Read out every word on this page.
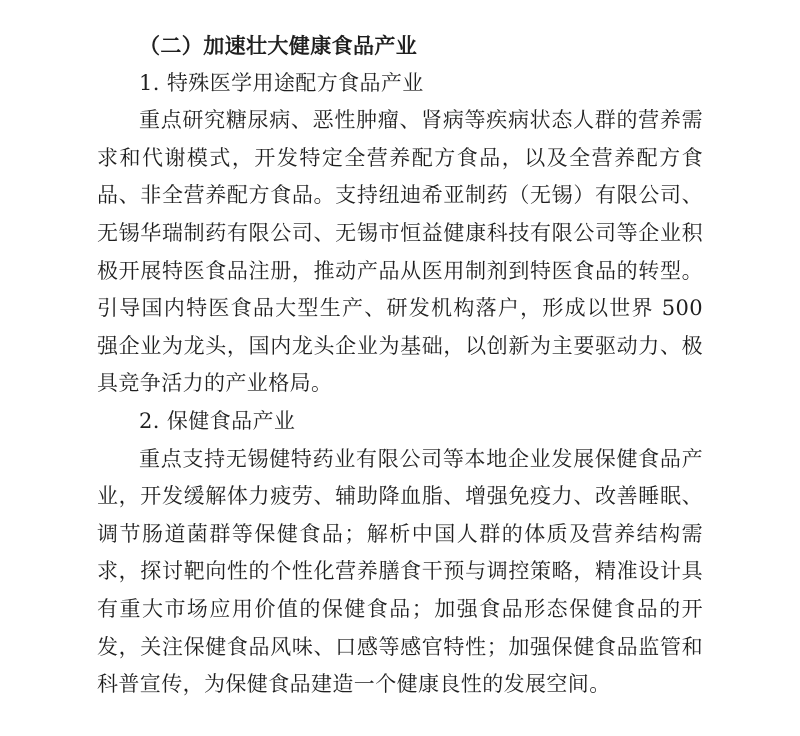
（二）加速壮大健康食品产业
1. 特殊医学用途配方食品产业

重点研究糖尿病、恶性肿瘤、肾病等疾病状态人群的营养需求和代谢模式，开发特定全营养配方食品，以及全营养配方食品、非全营养配方食品。支持纽迪希亚制药（无锡）有限公司、无锡华瑞制药有限公司、无锡市恒益健康科技有限公司等企业积极开展特医食品注册，推动产品从医用制剂到特医食品的转型。引导国内特医食品大型生产、研发机构落户，形成以世界 500 强企业为龙头，国内龙头企业为基础，以创新为主要驱动力、极具竞争活力的产业格局。

2. 保健食品产业

重点支持无锡健特药业有限公司等本地企业发展保健食品产业，开发缓解体力疲劳、辅助降血脂、增强免疫力、改善睡眠、调节肠道菌群等保健食品；解析中国人群的体质及营养结构需求，探讨靶向性的个性化营养膳食干预与调控策略，精准设计具有重大市场应用价值的保健食品；加强食品形态保健食品的开发，关注保健食品风味、口感等感官特性；加强保健食品监管和科普宣传，为保健食品建造一个健康良性的发展空间。
